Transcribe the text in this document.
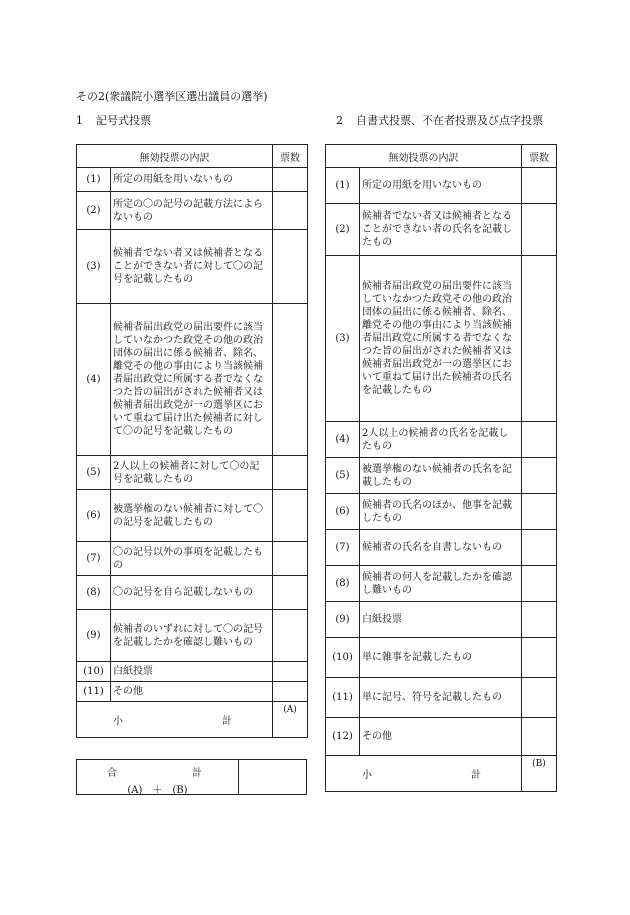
その2(衆議院小選挙区選出議員の選挙)
1 記号式投票	2 自書式投票、不在者投票及び点字投票
無効投票の内訳		票数
(1)	所定の用紙を用いないもの	
(2)	所定の〇の記号の記載方法によらないもの	
(3)	候補者でない者又は候補者となることができない者に対して〇の記号を記載したもの	
(4)	候補者届出政党の届出要件に該当していなかつた政党その他の政治団体の届出に係る候補者、除名、離党その他の事由により当該候補者届出政党に所属する者でなくなつた旨の届出がされた候補者又は候補者届出政党が一の選挙区において重ねて届け出た候補者に対して〇の記号を記載したもの	
(5)	2人以上の候補者に対して〇の記号を記載したもの	
(6)	被選挙権のない候補者に対して〇の記号を記載したもの	
(7)	〇の記号以外の事項を記載したもの	
(8)	〇の記号を自ら記載しないもの	
(9)	候補者のいずれに対して〇の記号を記載したかを確認し難いもの	
(10)	白紙投票	
(11)	その他	

小 計		(A)
無効投票の内訳		票数
(1)	所定の用紙を用いないもの	
(2)	候補者でない者又は候補者となることができない者の氏名を記載したもの	
(3)	候補者届出政党の届出要件に該当していなかつた政党その他の政治団体の届出に係る候補者、除名、離党その他の事由により当該候補者届出政党に所属する者でなくなつた旨の届出がされた候補者又は候補者届出政党が一の選挙区において重ねて届け出た候補者の氏名を記載したもの	
(4)	2人以上の候補者の氏名を記載したもの	
(5)	被選挙権のない候補者の氏名を記載したもの	
(6)	候補者の氏名のほか、他事を記載したもの	
(7)	候補者の氏名を自書しないもの	
(8)	候補者の何人を記載したかを確認し難いもの	
(9)	白紙投票	
(10)	単に雑事を記載したもの	
(11)	単に記号、符号を記載したもの	
(12)	その他	

小 計		(B)
合	計
(A)　＋　(B)
